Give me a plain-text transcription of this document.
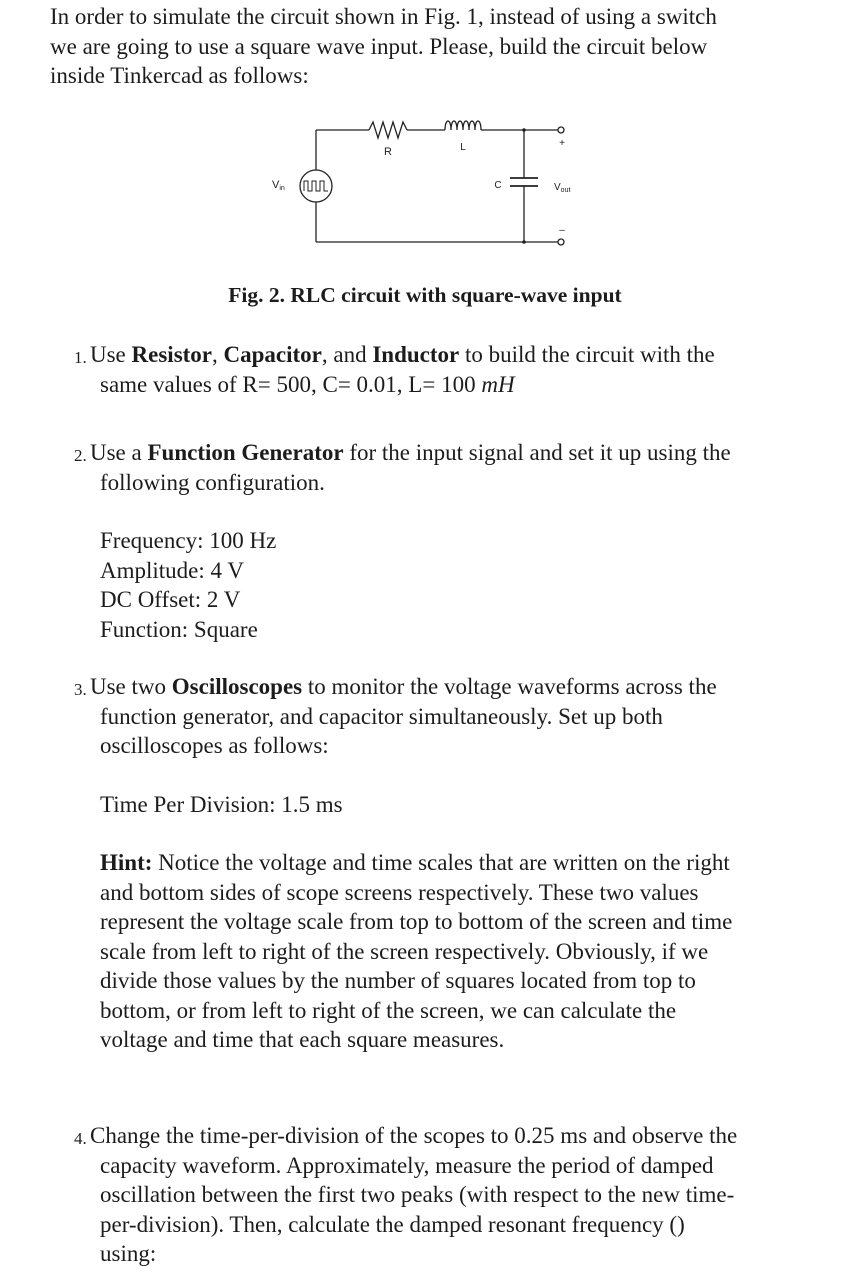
In order to simulate the circuit shown in Fig. 1, instead of using a switch
we are going to use a square wave input. Please, build the circuit below
inside Tinkercad as follows:
R	L
C
Vin	$V_{out}$
+
–

Fig. 2. RLC circuit with square-wave input

1. Use Resistor, Capacitor, and Inductor to build the circuit with the
same values of R= 500, C= 0.01, L= 100 mH
2. Use a Function Generator for the input signal and set it up using the
following configuration.
Frequency: 100 Hz
Amplitude: 4 V
DC Offset: 2 V
Function: Square
3. Use two Oscilloscopes to monitor the voltage waveforms across the
function generator, and capacitor simultaneously. Set up both
oscilloscopes as follows:
Time Per Division: 1.5 ms
Hint: Notice the voltage and time scales that are written on the right
and bottom sides of scope screens respectively. These two values
represent the voltage scale from top to bottom of the screen and time
scale from left to right of the screen respectively. Obviously, if we
divide those values by the number of squares located from top to
bottom, or from left to right of the screen, we can calculate the
voltage and time that each square measures.
4. Change the time-per-division of the scopes to 0.25 ms and observe the
capacity waveform. Approximately, measure the period of damped
oscillation between the first two peaks (with respect to the new time-
per-division). Then, calculate the damped resonant frequency ()
using:
